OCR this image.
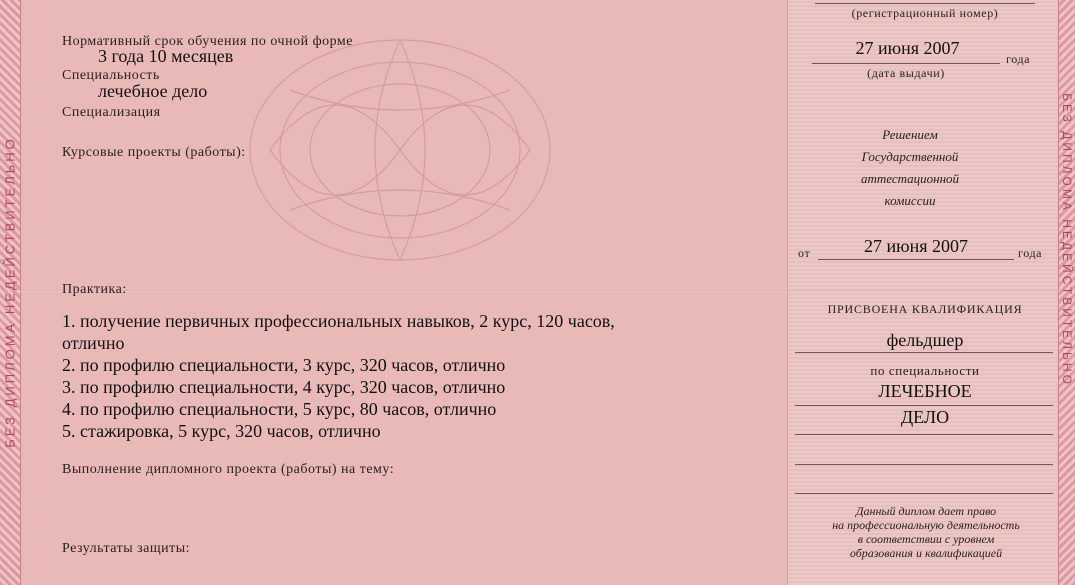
БЕЗ ДИПЛОМА НЕДЕЙСТВИТЕЛЬНО	БЕЗ ДИПЛОМА НЕДЕЙСТВИТЕЛЬНО
Нормативный срок обучения по очной форме
3 года 10 месяцев
Специальность
лечебное дело
Специализация
Курсовые проекты (работы):
Практика:
1. получение первичных профессиональных навыков, 2 курс, 120 часов,
отлично
2. по профилю специальности, 3 курс, 320 часов, отлично
3. по профилю специальности, 4 курс, 320 часов, отлично
4. по профилю специальности, 5 курс, 80 часов, отлично
5. стажировка, 5 курс, 320 часов, отлично
Выполнение дипломного проекта (работы) на тему:
Результаты защиты:
(регистрационный номер)
27 июня 2007
года
(дата выдачи)
Решением
Государственной
аттестационной
комиссии
от	27 июня 2007	года
ПРИСВОЕНА КВАЛИФИКАЦИЯ
фельдшер
по специальности
ЛЕЧЕБНОЕ
ДЕЛО
Данный диплом дает право
на профессиональную деятельность
в соответствии с уровнем
образования и квалификацией
